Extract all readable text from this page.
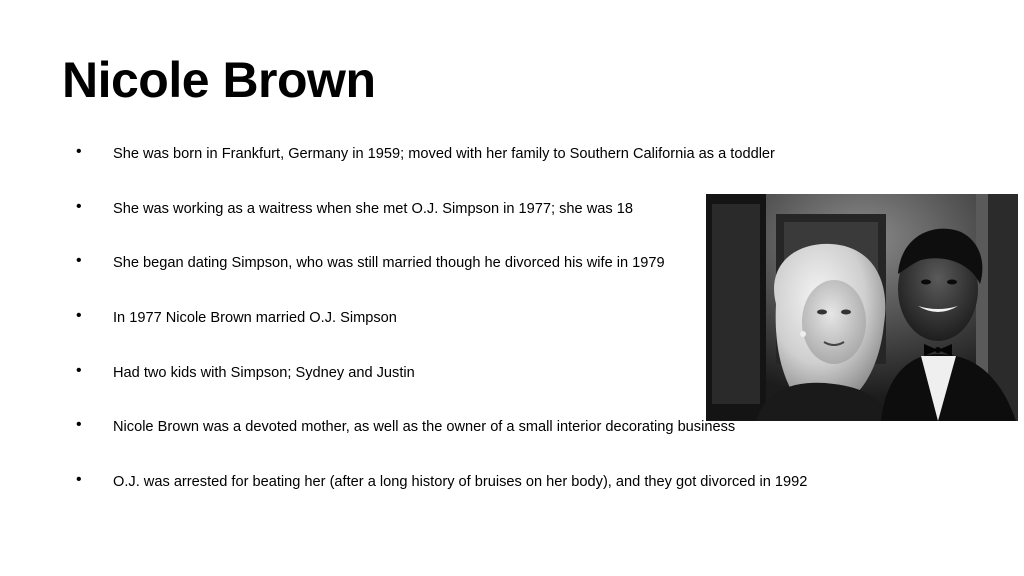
Nicole Brown
• She was born in Frankfurt, Germany in 1959; moved with her family to Southern California as a toddler
• She was working as a waitress when she met O.J. Simpson in 1977; she was 18
• She began dating Simpson, who was still married though he divorced his wife in 1979
• In 1977 Nicole Brown married O.J. Simpson
• Had two kids with Simpson; Sydney and Justin
• Nicole Brown was a devoted mother, as well as the owner of a small interior decorating business
• O.J. was arrested for beating her (after a long history of bruises on her body), and they got divorced in 1992
